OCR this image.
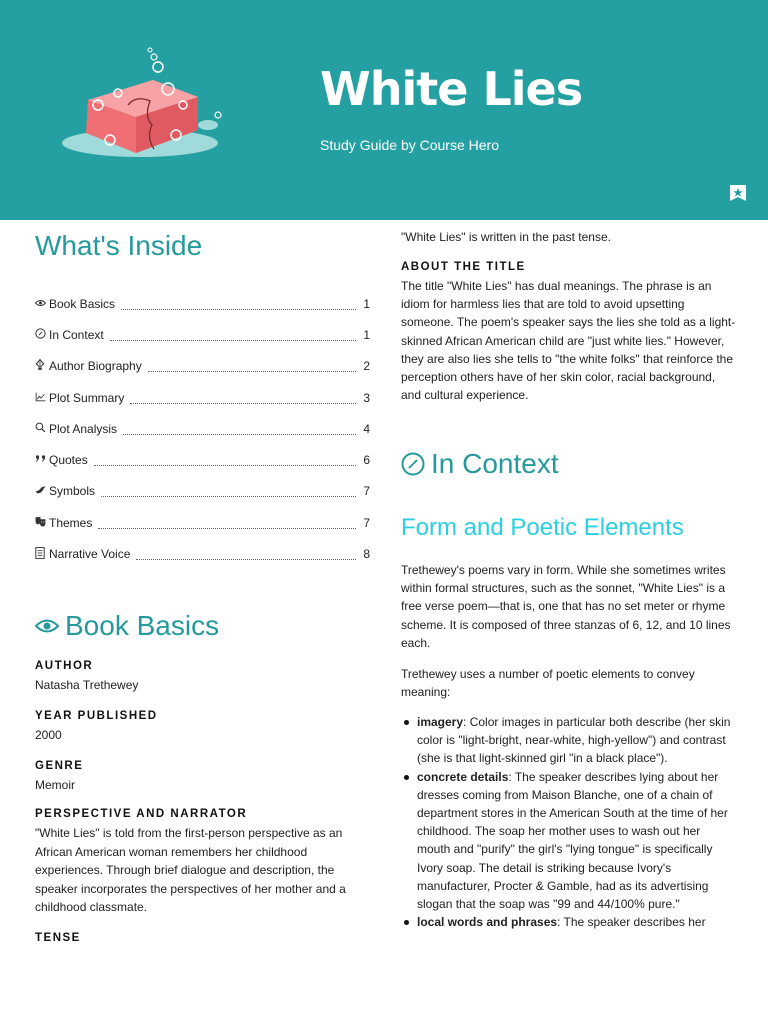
White Lies
Study Guide by Course Hero
What's Inside
Book Basics	1
In Context	1
Author Biography	2
Plot Summary	3
Plot Analysis	4
Quotes	6
Symbols	7
Themes	7
Narrative Voice	8
Book Basics
AUTHOR
Natasha Trethewey
YEAR PUBLISHED
2000
GENRE
Memoir
PERSPECTIVE AND NARRATOR
"White Lies" is told from the first-person perspective as an African American woman remembers her childhood experiences. Through brief dialogue and description, the speaker incorporates the perspectives of her mother and a childhood classmate.
TENSE

"White Lies" is written in the past tense.

ABOUT THE TITLE

The title "White Lies" has dual meanings. The phrase is an idiom for harmless lies that are told to avoid upsetting someone. The poem's speaker says the lies she told as a light-skinned African American child are "just white lies." However, they are also lies she tells to "the white folks" that reinforce the perception others have of her skin color, racial background, and cultural experience.

In Context
Form and Poetic Elements

Trethewey's poems vary in form. While she sometimes writes within formal structures, such as the sonnet, "White Lies" is a free verse poem—that is, one that has no set meter or rhyme scheme. It is composed of three stanzas of 6, 12, and 10 lines each.

Trethewey uses a number of poetic elements to convey meaning:

imagery: Color images in particular both describe (her skin color is "light-bright, near-white, high-yellow") and contrast (she is that light-skinned girl "in a black place").
concrete details: The speaker describes lying about her dresses coming from Maison Blanche, one of a chain of department stores in the American South at the time of her childhood. The soap her mother uses to wash out her mouth and "purify" the girl's "lying tongue" is specifically Ivory soap. The detail is striking because Ivory's manufacturer, Procter & Gamble, had as its advertising slogan that the soap was "99 and 44/100% pure."
local words and phrases: The speaker describes her
